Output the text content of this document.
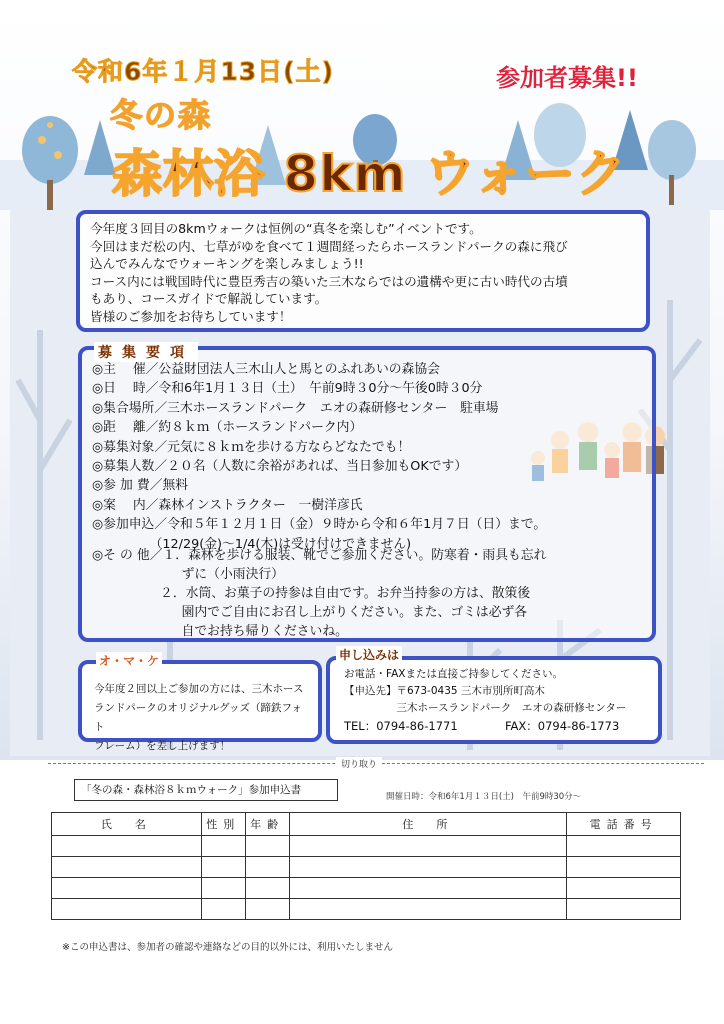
令和6年１月13日(土)	参加者募集!!
冬の森
森林浴 8km ウォーク

今年度３回目の8kmウォークは恒例の“真冬を楽しむ”イベントです。

今回はまだ松の内、七草がゆを食べて１週間経ったらホースランドパークの森に飛び

込んでみんなでウォーキングを楽しみましょう!!

コース内には戦国時代に豊臣秀吉の築いた三木ならではの遺構や更に古い時代の古墳

もあり、コースガイドで解説しています。

皆様のご参加をお待ちしています！

募集要項
◎主　 催／公益財団法人三木山人と馬とのふれあいの森協会
◎日　 時／令和6年1月１３日（土）　午前9時３0分～午後0時３0分
◎集合場所／三木ホースランドパーク　エオの森研修センター　駐車場
◎距　 離／約８ｋｍ（ホースランドパーク内）
◎募集対象／元気に８ｋｍを歩ける方ならどなたでも！
◎募集人数／２０名（人数に余裕があれば、当日参加もOKです）
◎参 加 費／無料
◎案　 内／森林インストラクター　一樹洋彦氏
◎参加申込／令和５年１２月１日（金）９時から令和６年1月７日（日）まで。
　　　　　（12/29(金)～1/4(木)は受け付けできません)
◎そ の 他／１．森林を歩ける服装、靴でご参加ください。防寒着・雨具も忘れ
　　　　　　　ずに（小雨決行）
　　　　　 ２．水筒、お菓子の持参は自由です。お弁当持参の方は、散策後
　　　　　　　園内でご自由にお召し上がりください。また、ゴミは必ず各
　　　　　　　自でお持ち帰りくださいね。
オ・マ・ケ
今年度２回以上ご参加の方には、三木ホース
ランドパークのオリジナルグッズ（蹄鉄フォト
フレーム）を差し上げます！
申し込みは
お電話・FAXまたは直接ご持参してください。
【申込先】〒673-0435 三木市別所町高木
　　　　　三木ホースランドパーク　エオの森研修センター
TEL：0794-86-1771	FAX：0794-86-1773
切り取り
「冬の森・森林浴８ｋｍウォーク」参加申込書
開催日時：令和6年1月１３日(土)　午前9時30分～
氏　名	性別	年齢	住　所	電話番号

※この申込書は、参加者の確認や連絡などの目的以外には、利用いたしません
